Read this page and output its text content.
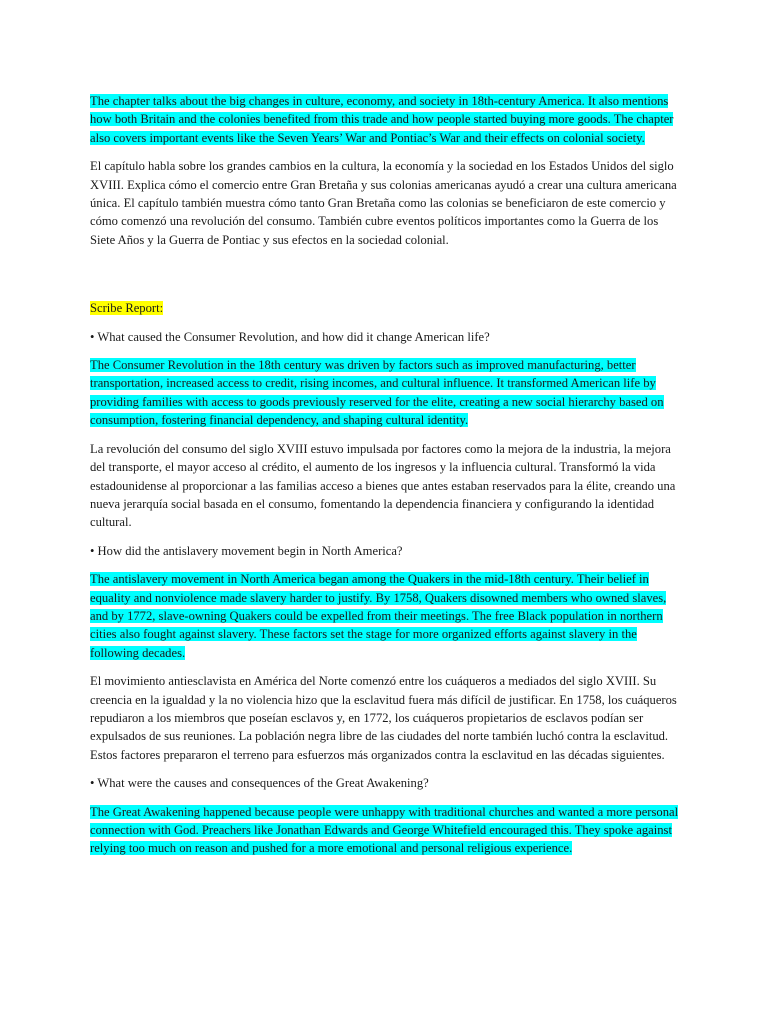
The chapter talks about the big changes in culture, economy, and society in 18th-century America. It also mentions how both Britain and the colonies benefited from this trade and how people started buying more goods. The chapter also covers important events like the Seven Years’ War and Pontiac’s War and their effects on colonial society.

El capítulo habla sobre los grandes cambios en la cultura, la economía y la sociedad en los Estados Unidos del siglo XVIII. Explica cómo el comercio entre Gran Bretaña y sus colonias americanas ayudó a crear una cultura americana única. El capítulo también muestra cómo tanto Gran Bretaña como las colonias se beneficiaron de este comercio y cómo comenzó una revolución del consumo. También cubre eventos políticos importantes como la Guerra de los Siete Años y la Guerra de Pontiac y sus efectos en la sociedad colonial.

Scribe Report:

• What caused the Consumer Revolution, and how did it change American life?

The Consumer Revolution in the 18th century was driven by factors such as improved manufacturing, better transportation, increased access to credit, rising incomes, and cultural influence. It transformed American life by providing families with access to goods previously reserved for the elite, creating a new social hierarchy based on consumption, fostering financial dependency, and shaping cultural identity.

La revolución del consumo del siglo XVIII estuvo impulsada por factores como la mejora de la industria, la mejora del transporte, el mayor acceso al crédito, el aumento de los ingresos y la influencia cultural. Transformó la vida estadounidense al proporcionar a las familias acceso a bienes que antes estaban reservados para la élite, creando una nueva jerarquía social basada en el consumo, fomentando la dependencia financiera y configurando la identidad cultural.

• How did the antislavery movement begin in North America?

The antislavery movement in North America began among the Quakers in the mid-18th century. Their belief in equality and nonviolence made slavery harder to justify. By 1758, Quakers disowned members who owned slaves, and by 1772, slave-owning Quakers could be expelled from their meetings. The free Black population in northern cities also fought against slavery. These factors set the stage for more organized efforts against slavery in the following decades.

El movimiento antiesclavista en América del Norte comenzó entre los cuáqueros a mediados del siglo XVIII. Su creencia en la igualdad y la no violencia hizo que la esclavitud fuera más difícil de justificar. En 1758, los cuáqueros repudiaron a los miembros que poseían esclavos y, en 1772, los cuáqueros propietarios de esclavos podían ser expulsados de sus reuniones. La población negra libre de las ciudades del norte también luchó contra la esclavitud. Estos factores prepararon el terreno para esfuerzos más organizados contra la esclavitud en las décadas siguientes.

• What were the causes and consequences of the Great Awakening?

The Great Awakening happened because people were unhappy with traditional churches and wanted a more personal connection with God. Preachers like Jonathan Edwards and George Whitefield encouraged this. They spoke against relying too much on reason and pushed for a more emotional and personal religious experience.
